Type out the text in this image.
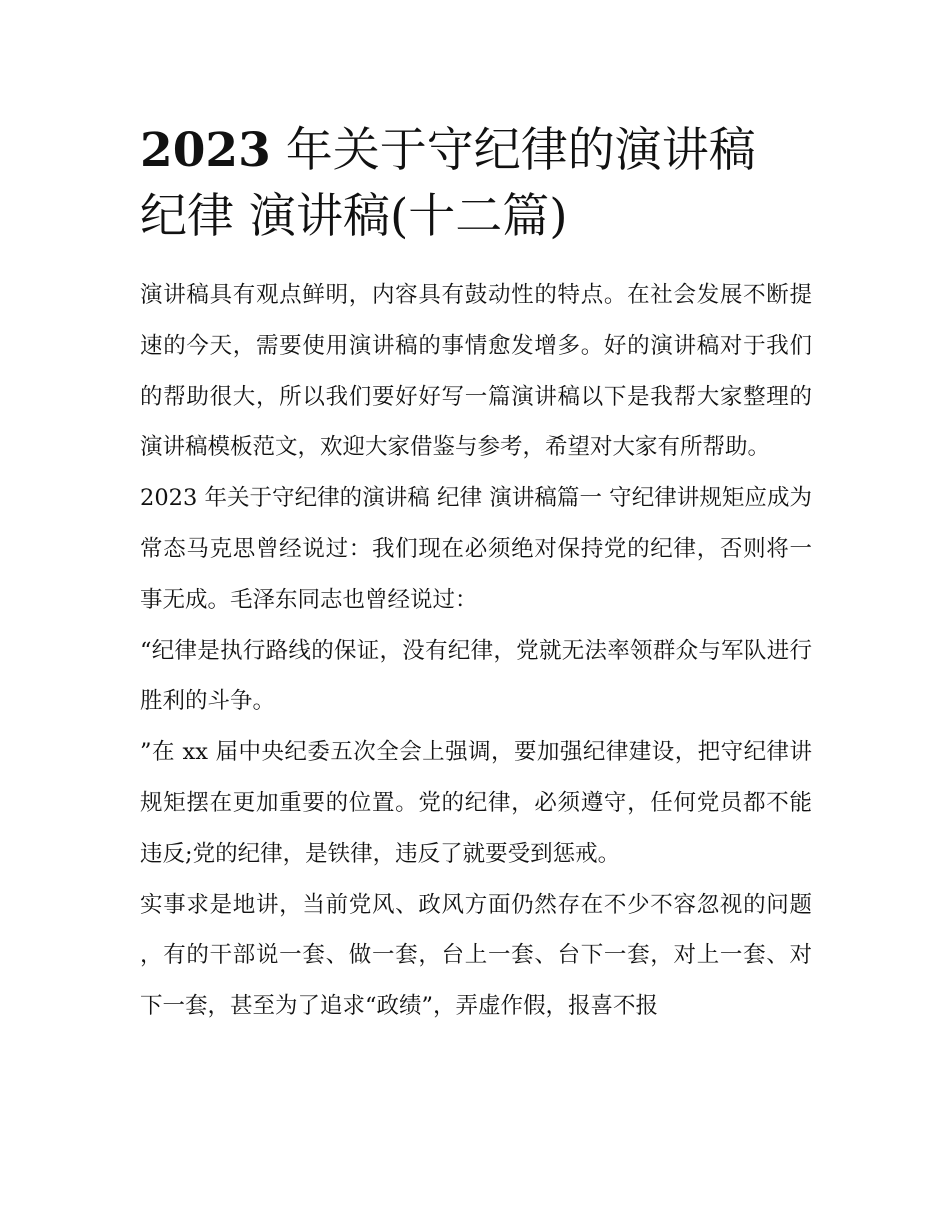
2023 年关于守纪律的演讲稿
纪律 演讲稿(十二篇)

演讲稿具有观点鲜明，内容具有鼓动性的特点。在社会发展不断提速的今天，需要使用演讲稿的事情愈发增多。好的演讲稿对于我们的帮助很大，所以我们要好好写一篇演讲稿以下是我帮大家整理的演讲稿模板范文，欢迎大家借鉴与参考，希望对大家有所帮助。

2023 年关于守纪律的演讲稿 纪律 演讲稿篇一 守纪律讲规矩应成为常态马克思曾经说过：我们现在必须绝对保持党的纪律，否则将一事无成。毛泽东同志也曾经说过：

“纪律是执行路线的保证，没有纪律，党就无法率领群众与军队进行胜利的斗争。

”在 xx 届中央纪委五次全会上强调，要加强纪律建设，把守纪律讲规矩摆在更加重要的位置。党的纪律，必须遵守，任何党员都不能违反;党的纪律，是铁律，违反了就要受到惩戒。

实事求是地讲，当前党风、政风方面仍然存在不少不容忽视的问题，有的干部说一套、做一套，台上一套、台下一套，对上一套、对下一套，甚至为了追求“政绩”，弄虚作假，报喜不报
